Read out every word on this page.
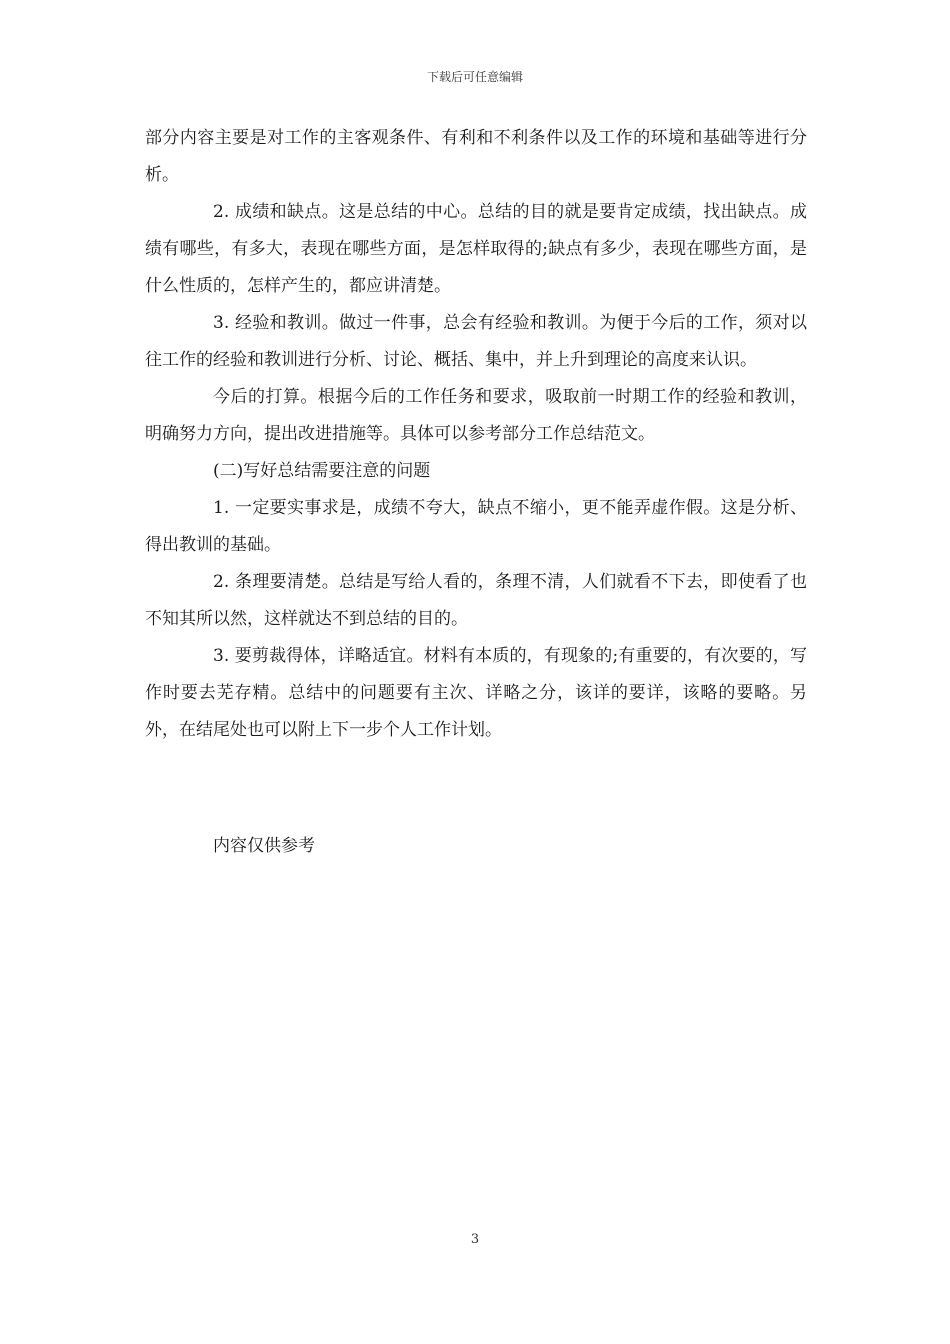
下载后可任意编辑

部分内容主要是对工作的主客观条件、有利和不利条件以及工作的环境和基础等进行分析。

2. 成绩和缺点。这是总结的中心。总结的目的就是要肯定成绩，找出缺点。成绩有哪些，有多大，表现在哪些方面，是怎样取得的;缺点有多少，表现在哪些方面，是什么性质的，怎样产生的，都应讲清楚。

3. 经验和教训。做过一件事，总会有经验和教训。为便于今后的工作，须对以往工作的经验和教训进行分析、讨论、概括、集中，并上升到理论的高度来认识。

今后的打算。根据今后的工作任务和要求，吸取前一时期工作的经验和教训，明确努力方向，提出改进措施等。具体可以参考部分工作总结范文。

(二)写好总结需要注意的问题

1. 一定要实事求是，成绩不夸大，缺点不缩小，更不能弄虚作假。这是分析、得出教训的基础。

2. 条理要清楚。总结是写给人看的，条理不清，人们就看不下去，即使看了也不知其所以然，这样就达不到总结的目的。

3. 要剪裁得体，详略适宜。材料有本质的，有现象的;有重要的，有次要的，写作时要去芜存精。总结中的问题要有主次、详略之分，该详的要详，该略的要略。另外，在结尾处也可以附上下一步个人工作计划。

内容仅供参考
3
